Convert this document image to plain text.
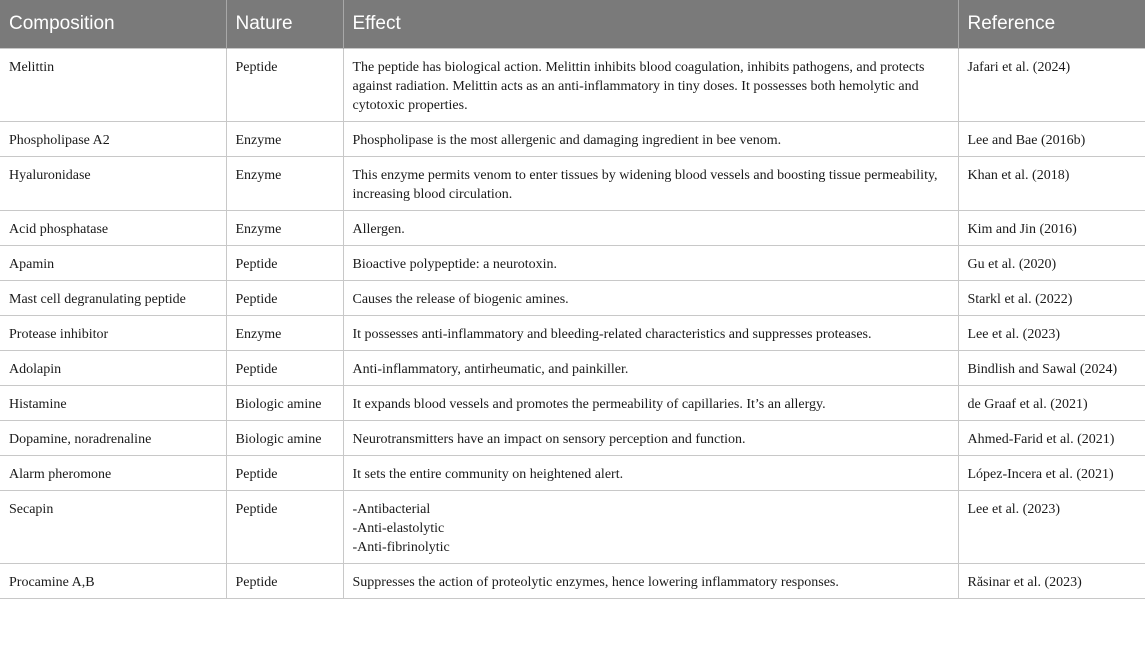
Composition	Nature	Effect	Reference
Melittin	Peptide	The peptide has biological action. Melittin inhibits blood coagulation, inhibits pathogens, and protects against radiation. Melittin acts as an anti-inflammatory in tiny doses. It possesses both hemolytic and cytotoxic properties.	Jafari et al. (2024)
Phospholipase A2	Enzyme	Phospholipase is the most allergenic and damaging ingredient in bee venom.	Lee and Bae (2016b)
Hyaluronidase	Enzyme	This enzyme permits venom to enter tissues by widening blood vessels and boosting tissue permeability, increasing blood circulation.	Khan et al. (2018)
Acid phosphatase	Enzyme	Allergen.	Kim and Jin (2016)
Apamin	Peptide	Bioactive polypeptide: a neurotoxin.	Gu et al. (2020)
Mast cell degranulating peptide	Peptide	Causes the release of biogenic amines.	Starkl et al. (2022)
Protease inhibitor	Enzyme	It possesses anti-inflammatory and bleeding-related characteristics and suppresses proteases.	Lee et al. (2023)
Adolapin	Peptide	Anti-inflammatory, antirheumatic, and painkiller.	Bindlish and Sawal (2024)
Histamine	Biologic amine	It expands blood vessels and promotes the permeability of capillaries. It’s an allergy.	de Graaf et al. (2021)
Dopamine, noradrenaline	Biologic amine	Neurotransmitters have an impact on sensory perception and function.	Ahmed-Farid et al. (2021)
Alarm pheromone	Peptide	It sets the entire community on heightened alert.	López-Incera et al. (2021)
Secapin	Peptide	-Antibacterial
-Anti-elastolytic
-Anti-fibrinolytic	Lee et al. (2023)
Procamine A,B	Peptide	Suppresses the action of proteolytic enzymes, hence lowering inflammatory responses.	Răsinar et al. (2023)
